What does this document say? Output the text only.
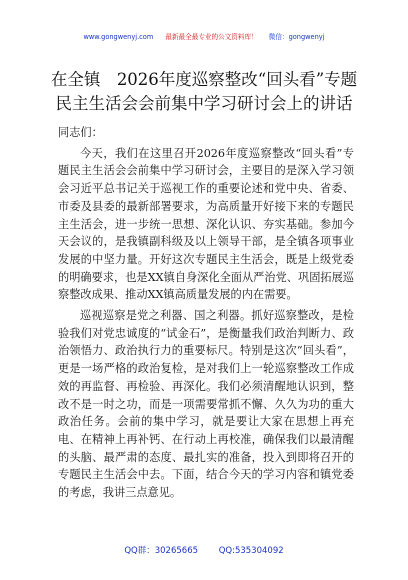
www.gongwenyj.com 最新最全最专业的公文资料库！ 微信：gongwenyj
在全镇　2026年度巡察整改“回头看”专题
民主生活会会前集中学习研讨会上的讲话

同志们：

今天，我们在这里召开2026年度巡察整改“回头看”专题民主生活会会前集中学习研讨会，主要目的是深入学习领会习近平总书记关于巡视工作的重要论述和党中央、省委、市委及县委的最新部署要求，为高质量开好接下来的专题民主生活会，进一步统一思想、深化认识、夯实基础。参加今天会议的，是我镇副科级及以上领导干部，是全镇各项事业发展的中坚力量。开好这次专题民主生活会，既是上级党委的明确要求，也是XX镇自身深化全面从严治党、巩固拓展巡察整改成果、推动XX镇高质量发展的内在需要。

巡视巡察是党之利器、国之利器。抓好巡察整改，是检验我们对党忠诚度的“试金石”，是衡量我们政治判断力、政治领悟力、政治执行力的重要标尺。特别是这次“回头看”，更是一场严格的政治复检，是对我们上一轮巡察整改工作成效的再监督、再检验、再深化。我们必须清醒地认识到，整改不是一时之功，而是一项需要常抓不懈、久久为功的重大政治任务。会前的集中学习，就是要让大家在思想上再充电、在精神上再补钙、在行动上再校准，确保我们以最清醒的头脑、最严肃的态度、最扎实的准备，投入到即将召开的专题民主生活会中去。下面，结合今天的学习内容和镇党委的考虑，我讲三点意见。

QQ群：30265665 QQ:535304092
